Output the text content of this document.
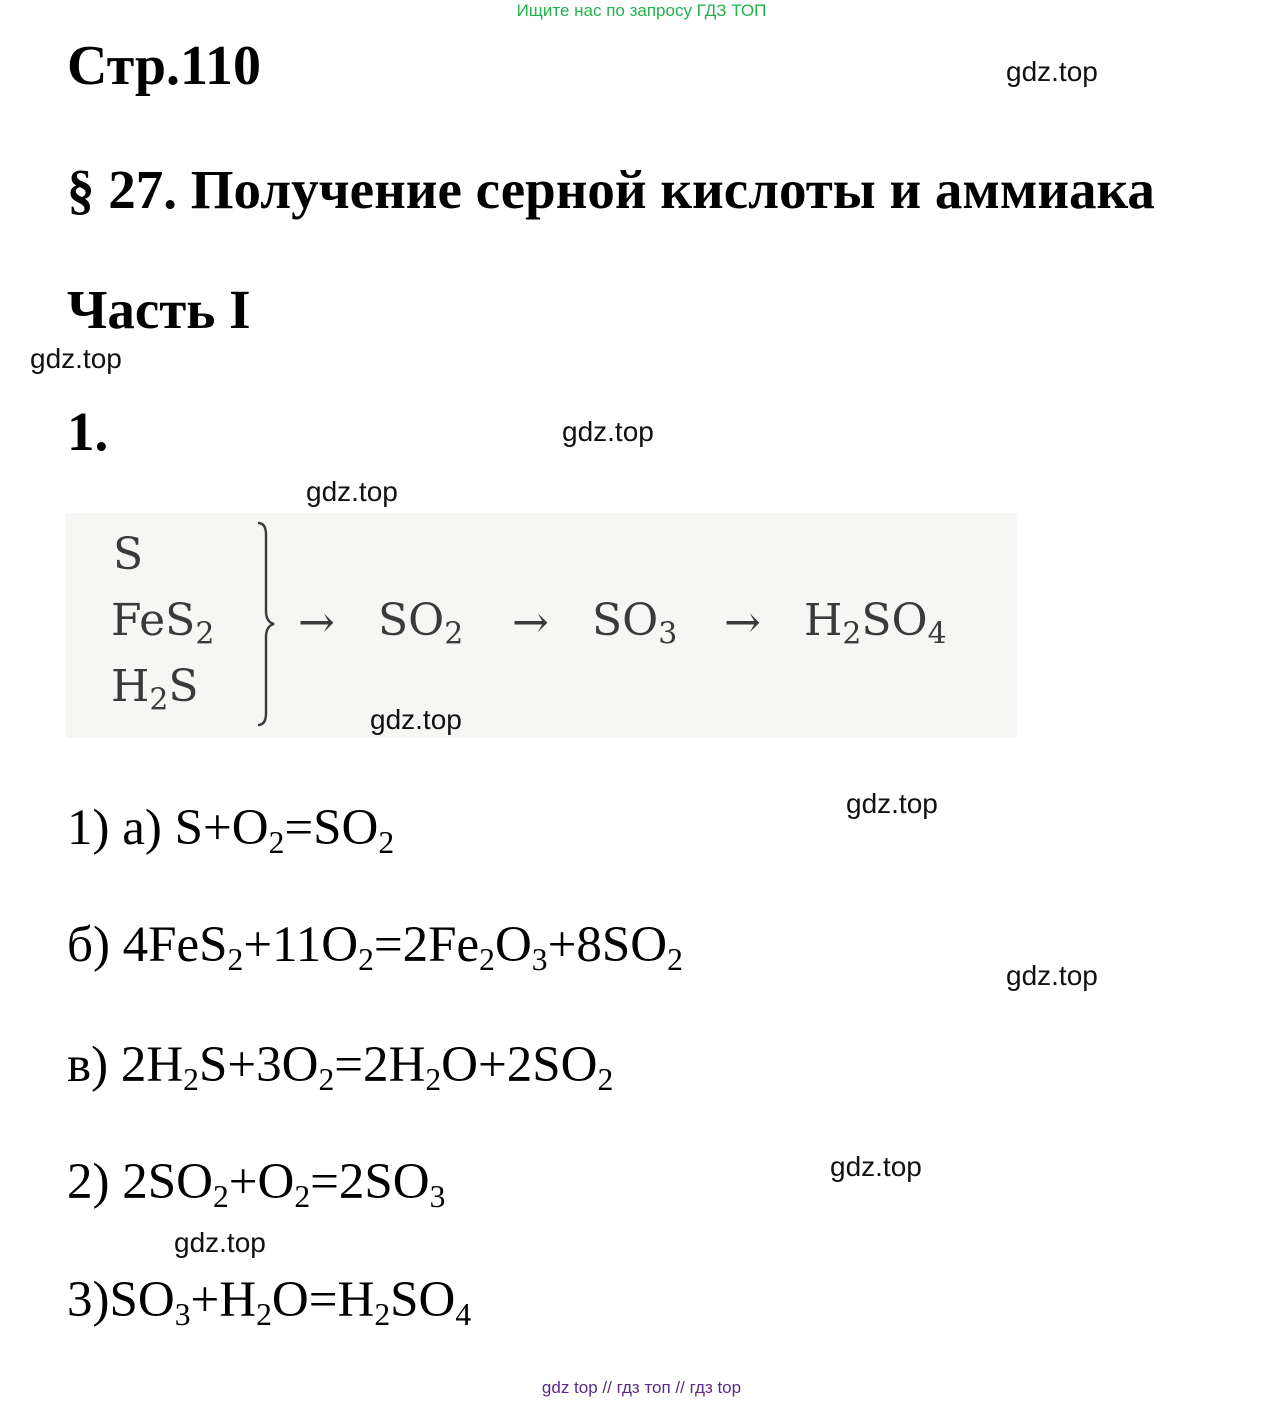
Ищите нас по запросу ГДЗ ТОП
Стр.110	gdz.top
§ 27. Получение серной кислоты и аммиака
Часть I
gdz.top
1.	gdz.top
gdz.top
S
FeS$_2$
$H_2S$
→ $SO_2 \to SO_3 \to H_2SO_4$
gdz.top
1) а) $S+O_2=SO_2$
gdz.top
б) $4FeS_2+11O_2=2Fe_2O_3+8SO_2$	gdz.top
в) $2H_2S+3O_2=2H_2O+2SO_2$
2) $2SO_2+O_2=2SO_3$
gdz.top
gdz.top
$3)SO_3+H_2O=H_2SO_4$
gdz top // гдз топ // гдз top
